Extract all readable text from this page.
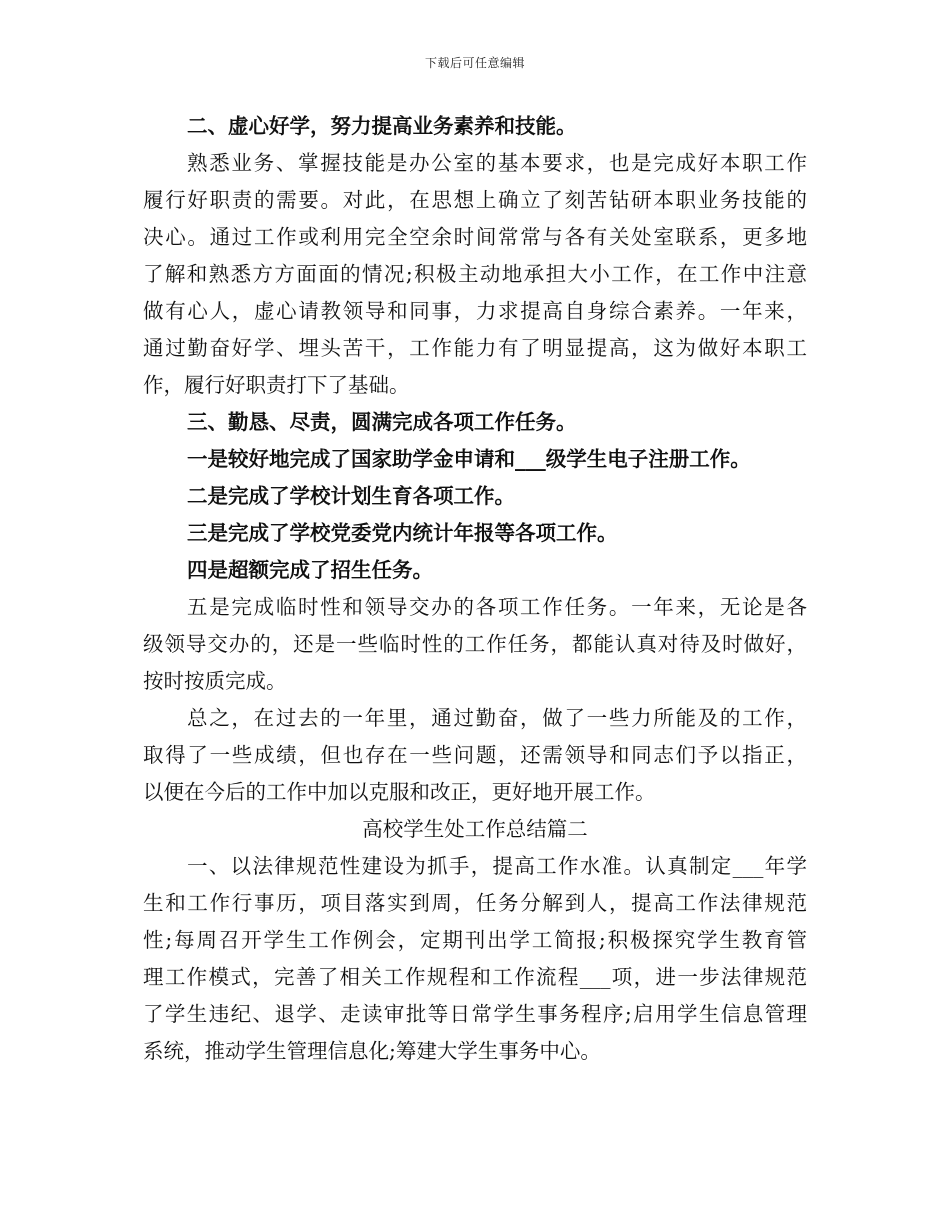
下载后可任意编辑
二、虚心好学，努力提高业务素养和技能。
熟悉业务、掌握技能是办公室的基本要求，也是完成好本职工作
履行好职责的需要。对此，在思想上确立了刻苦钻研本职业务技能的
决心。通过工作或利用完全空余时间常常与各有关处室联系，更多地
了解和熟悉方方面面的情况;积极主动地承担大小工作，在工作中注意
做有心人，虚心请教领导和同事，力求提高自身综合素养。一年来，
通过勤奋好学、埋头苦干，工作能力有了明显提高，这为做好本职工
作，履行好职责打下了基础。
三、勤恳、尽责，圆满完成各项工作任务。
一是较好地完成了国家助学金申请和___级学生电子注册工作。
二是完成了学校计划生育各项工作。
三是完成了学校党委党内统计年报等各项工作。
四是超额完成了招生任务。
五是完成临时性和领导交办的各项工作任务。一年来，无论是各
级领导交办的，还是一些临时性的工作任务，都能认真对待及时做好，
按时按质完成。
总之，在过去的一年里，通过勤奋，做了一些力所能及的工作，
取得了一些成绩，但也存在一些问题，还需领导和同志们予以指正，
以便在今后的工作中加以克服和改正，更好地开展工作。
高校学生处工作总结篇二
一、以法律规范性建设为抓手，提高工作水准。认真制定___年学
生和工作行事历，项目落实到周，任务分解到人，提高工作法律规范
性;每周召开学生工作例会，定期刊出学工简报;积极探究学生教育管
理工作模式，完善了相关工作规程和工作流程___项，进一步法律规范
了学生违纪、退学、走读审批等日常学生事务程序;启用学生信息管理
系统，推动学生管理信息化;筹建大学生事务中心。
